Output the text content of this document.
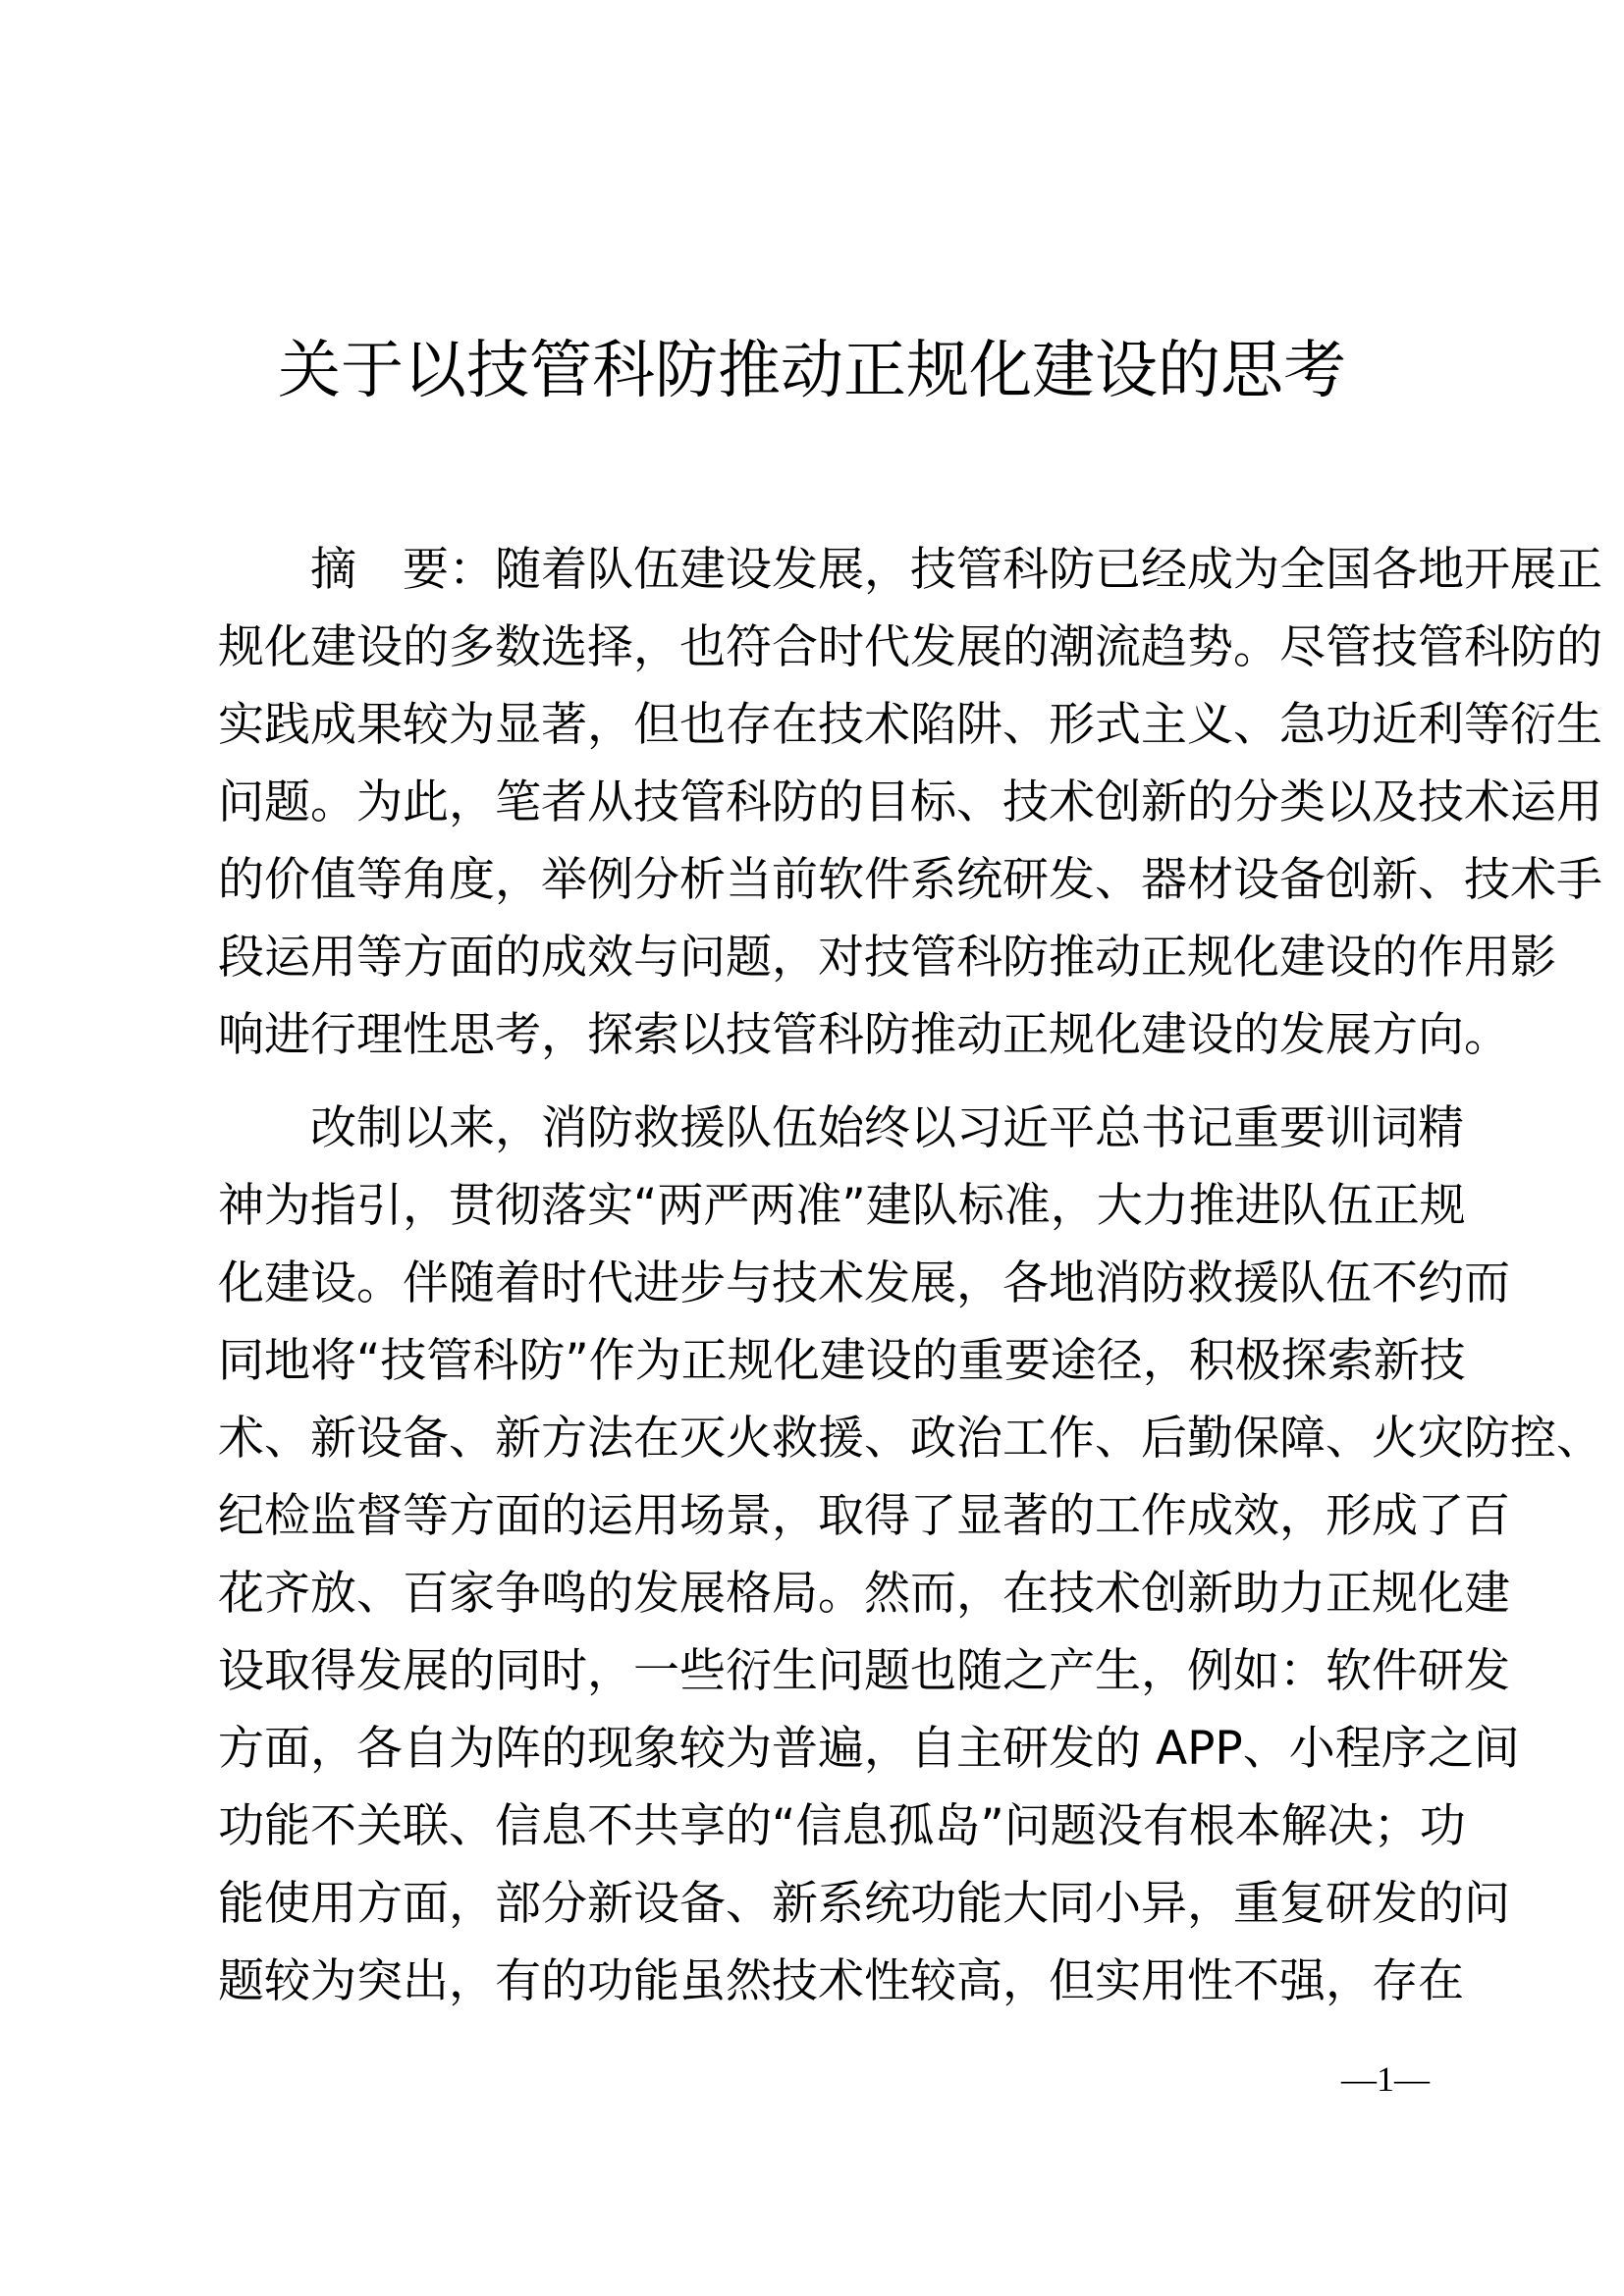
关于以技管科防推动正规化建设的思考
　　摘　要：随着队伍建设发展，技管科防已经成为全国各地开展正
规化建设的多数选择，也符合时代发展的潮流趋势。尽管技管科防的
实践成果较为显著，但也存在技术陷阱、形式主义、急功近利等衍生
问题。为此，笔者从技管科防的目标、技术创新的分类以及技术运用
的价值等角度，举例分析当前软件系统研发、器材设备创新、技术手
段运用等方面的成效与问题，对技管科防推动正规化建设的作用影
响进行理性思考，探索以技管科防推动正规化建设的发展方向。
　　改制以来，消防救援队伍始终以习近平总书记重要训词精
神为指引，贯彻落实“两严两准”建队标准，大力推进队伍正规
化建设。伴随着时代进步与技术发展，各地消防救援队伍不约而
同地将“技管科防”作为正规化建设的重要途径，积极探索新技
术、新设备、新方法在灭火救援、政治工作、后勤保障、火灾防控、
纪检监督等方面的运用场景，取得了显著的工作成效，形成了百
花齐放、百家争鸣的发展格局。然而，在技术创新助力正规化建
设取得发展的同时，一些衍生问题也随之产生，例如：软件研发
方面，各自为阵的现象较为普遍，自主研发的 APP、小程序之间
功能不关联、信息不共享的“信息孤岛”问题没有根本解决；功
能使用方面，部分新设备、新系统功能大同小异，重复研发的问
题较为突出，有的功能虽然技术性较高，但实用性不强，存在
—1—
